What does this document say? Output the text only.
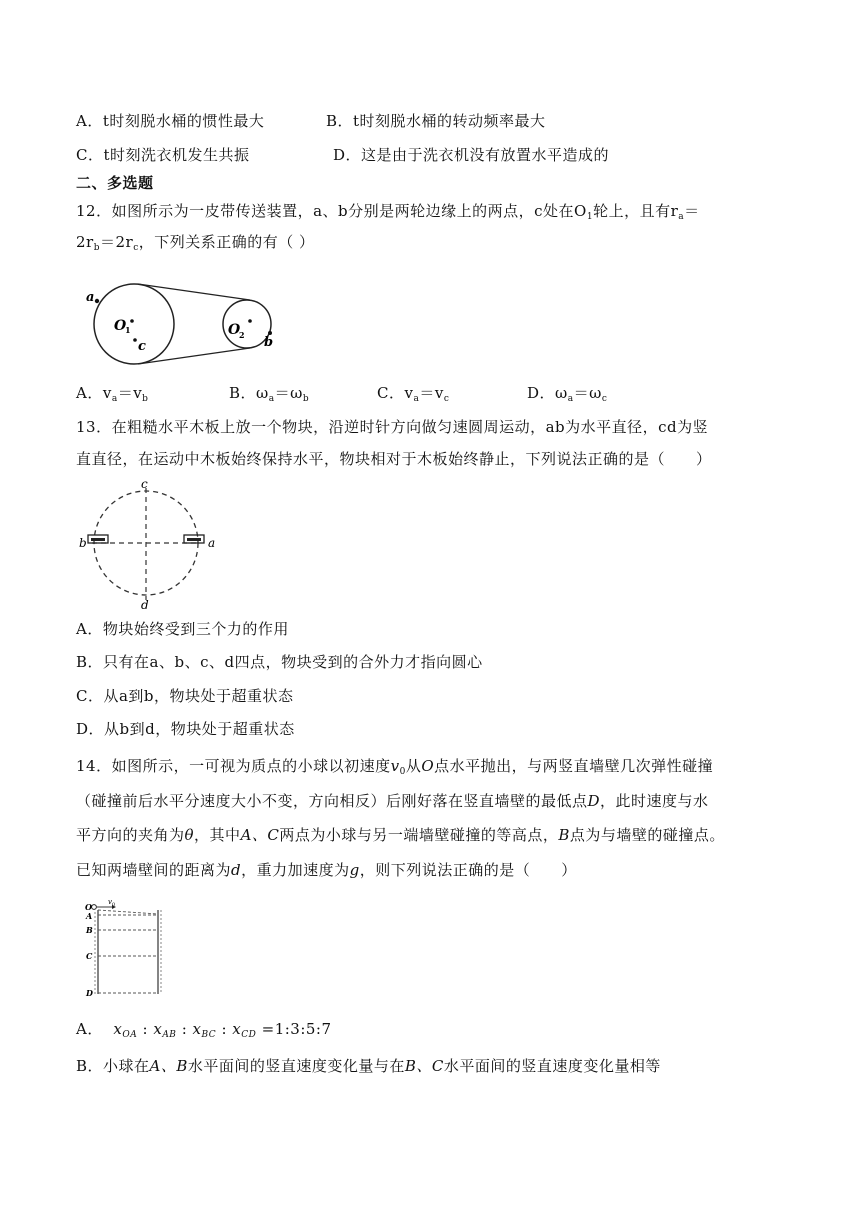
A．t时刻脱水桶的惯性最大	B．t时刻脱水桶的转动频率最大
C．t时刻洗衣机发生共振	D．这是由于洗衣机没有放置水平造成的
二、多选题
12．如图所示为一皮带传送装置，a、b分别是两轮边缘上的两点，c处在$O_1$轮上，且有$r_a=$
$2r_b=2r_c$，下列关系正确的有（ ）
a
O
1
c
O
2 b
A．$v_a=v_b$	B．$\omega_a=\omega_b$	C．$v_a=v_c$	D．$\omega_a=\omega_c$
13．在粗糙水平木板上放一个物块，沿逆时针方向做匀速圆周运动，ab为水平直径，cd为竖
直直径，在运动中木板始终保持水平，物块相对于木板始终静止，下列说法正确的是（　　）
c
b	a
d
A．物块始终受到三个力的作用
B．只有在a、b、c、d四点，物块受到的合外力才指向圆心
C．从a到b，物块处于超重状态
D．从b到d，物块处于超重状态
14．如图所示，一可视为质点的小球以初速度$v_0$从O点水平抛出，与两竖直墙壁几次弹性碰撞
（碰撞前后水平分速度大小不变，方向相反）后刚好落在竖直墙壁的最低点D，此时速度与水
平方向的夹角为θ，其中A、C两点为小球与另一端墙壁碰撞的等高点，B点为与墙壁的碰撞点。
已知两墙壁间的距离为d，重力加速度为g，则下列说法正确的是（　　）
O v 0
A
B
C
D
A． $x_{OA}$ : $x_{AB}$ : $x_{BC}$ : $x_{CD}$ =1:3:5:7
B．小球在A、B水平面间的竖直速度变化量与在B、C水平面间的竖直速度变化量相等
